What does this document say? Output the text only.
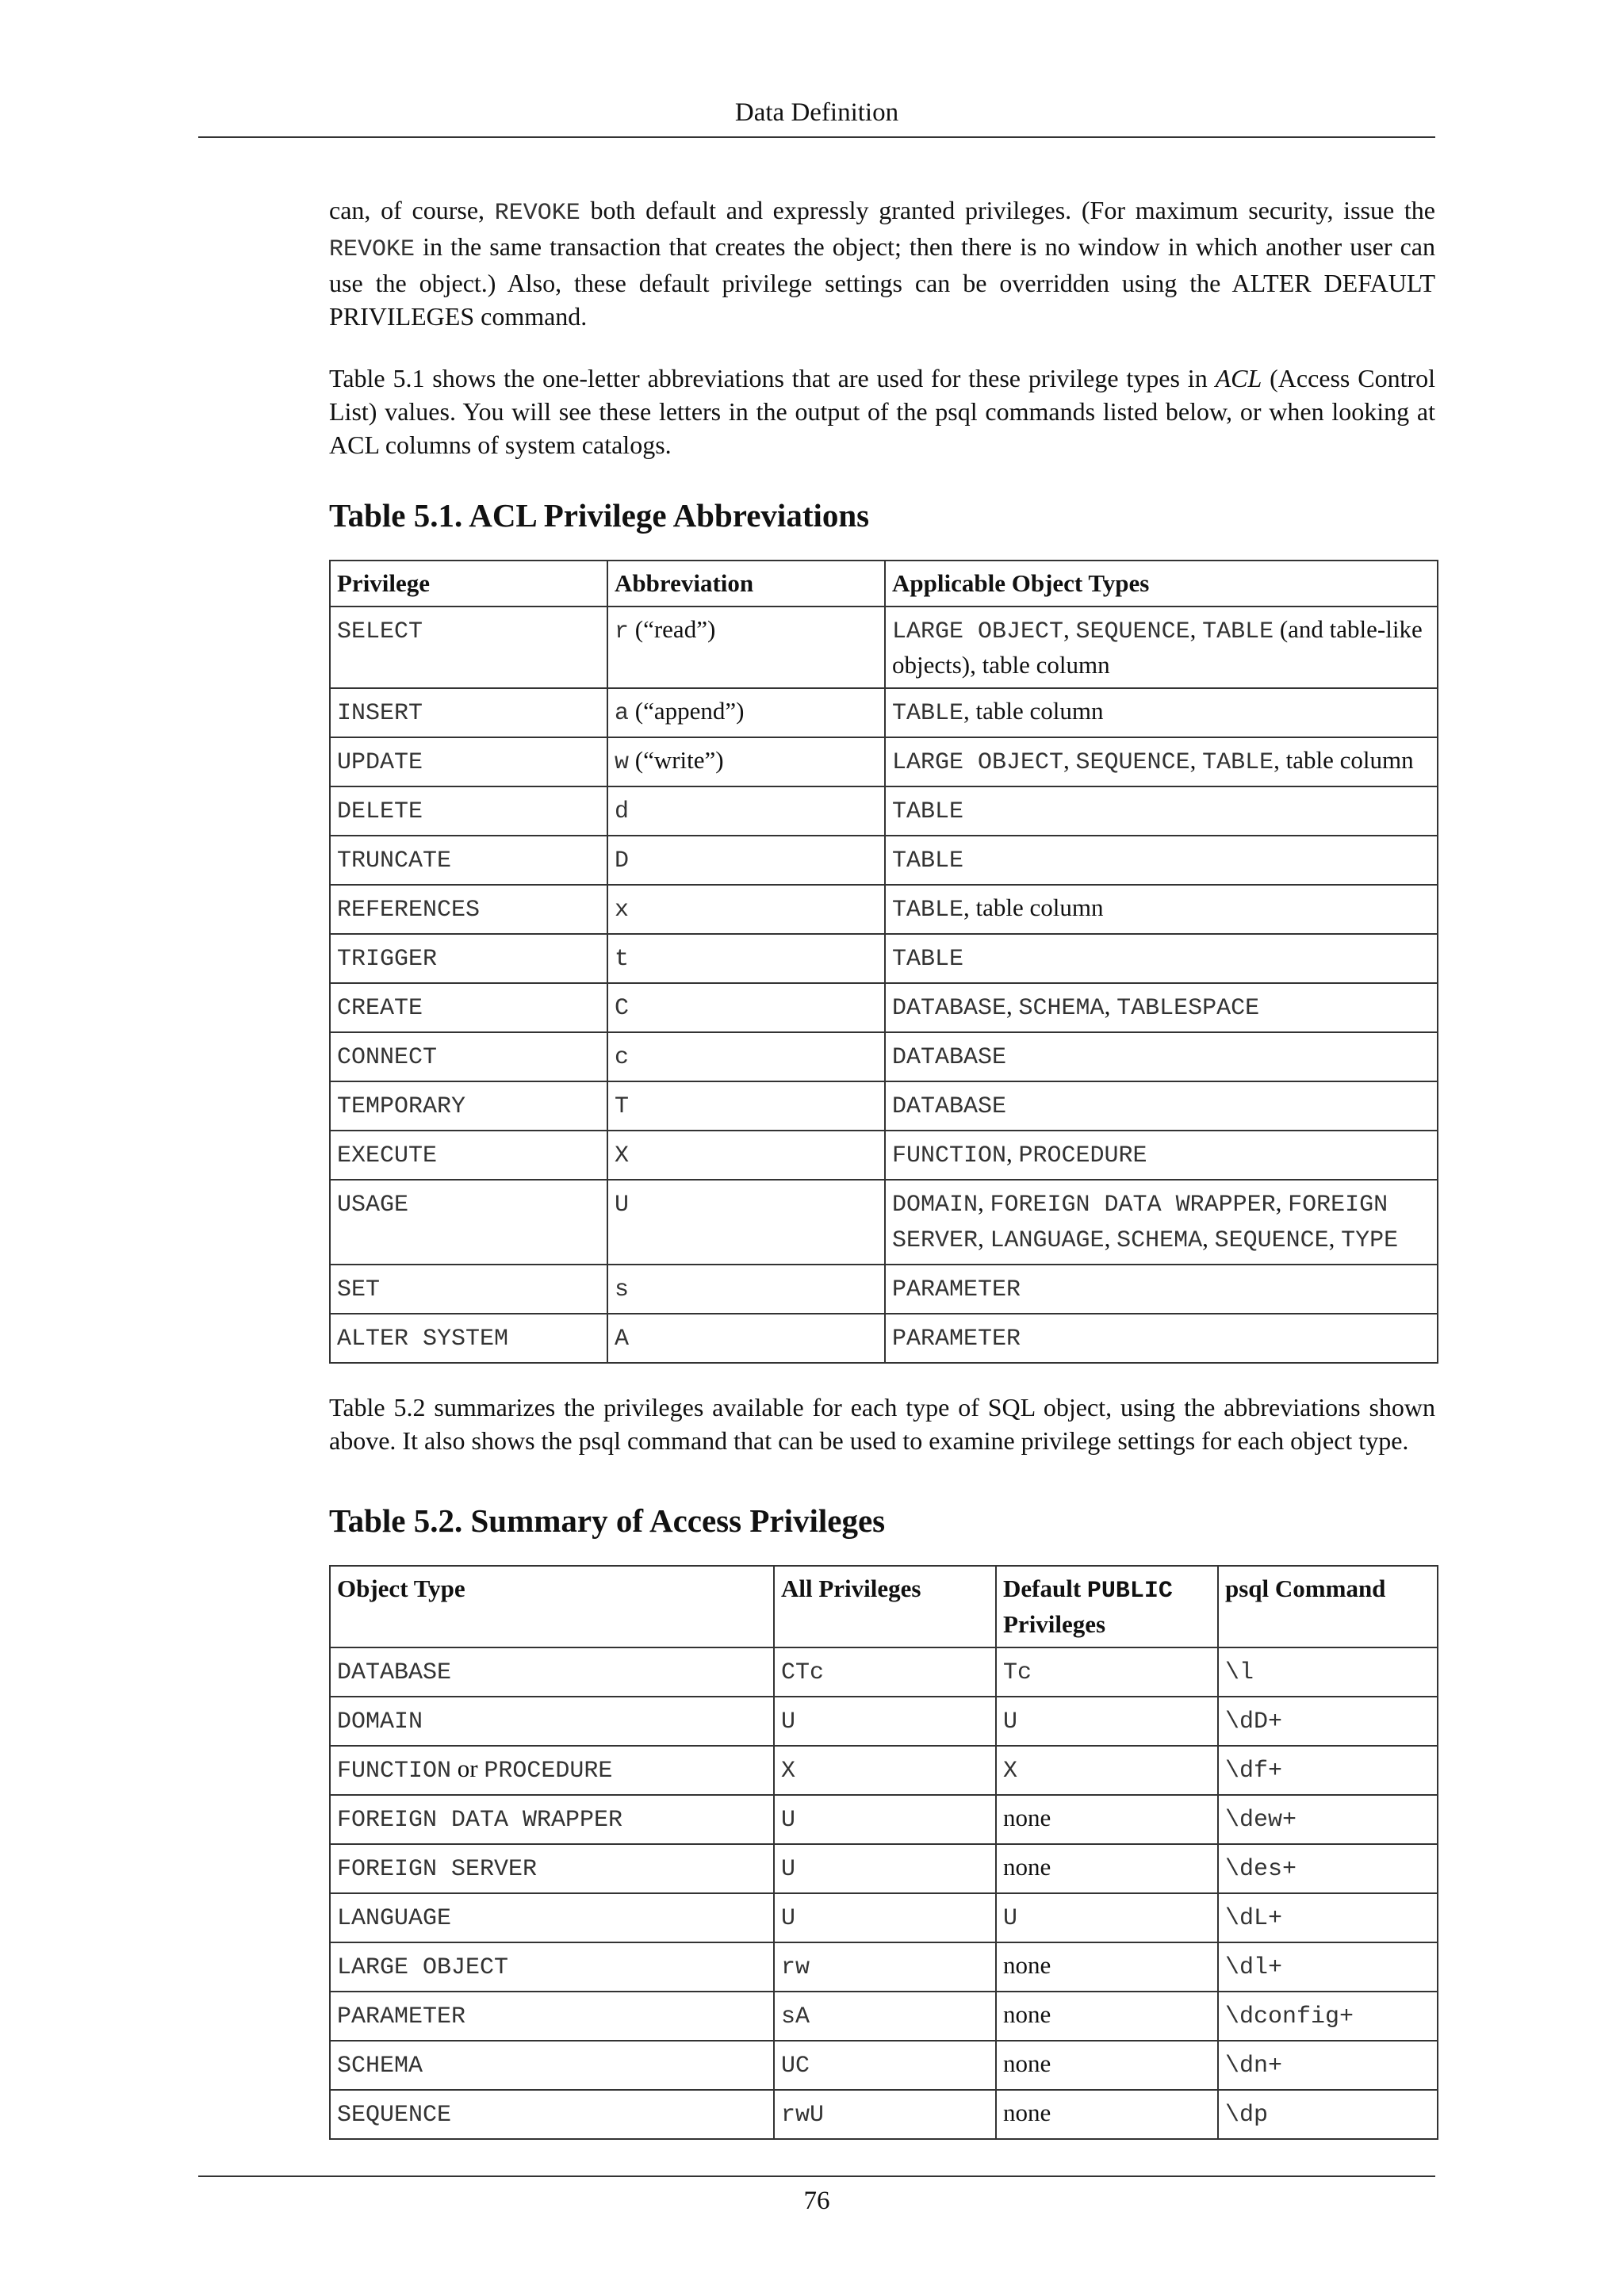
Data Definition

can, of course, REVOKE both default and expressly granted privileges. (For maximum security, issue the REVOKE in the same transaction that creates the object; then there is no window in which another user can use the object.) Also, these default privilege settings can be overridden using the ALTER DEFAULT PRIVILEGES command.

Table 5.1 shows the one-letter abbreviations that are used for these privilege types in ACL (Access Control List) values. You will see these letters in the output of the psql commands listed below, or when looking at ACL columns of system catalogs.

Table 5.1. ACL Privilege Abbreviations
Privilege	Abbreviation	Applicable Object Types
SELECT	r (“read”)	LARGE OBJECT, SEQUENCE, TABLE (and table-like objects), table column
INSERT	a (“append”)	TABLE, table column
UPDATE	w (“write”)	LARGE OBJECT, SEQUENCE, TABLE, table column
DELETE	d	TABLE
TRUNCATE	D	TABLE
REFERENCES	x	TABLE, table column
TRIGGER	t	TABLE
CREATE	C	DATABASE, SCHEMA, TABLESPACE
CONNECT	c	DATABASE
TEMPORARY	T	DATABASE
EXECUTE	X	FUNCTION, PROCEDURE
USAGE	U	DOMAIN, FOREIGN DATA WRAPPER, FOREIGN SERVER, LANGUAGE, SCHEMA, SEQUENCE, TYPE
SET	s	PARAMETER
ALTER SYSTEM	A	PARAMETER

Table 5.2 summarizes the privileges available for each type of SQL object, using the abbreviations shown above. It also shows the psql command that can be used to examine privilege settings for each object type.

Table 5.2. Summary of Access Privileges
Object Type	All Privileges	Default PUBLIC Privileges	psql Command
DATABASE	CTc	Tc	\l
DOMAIN	U	U	\dD+
FUNCTION or PROCEDURE	X	X	\df+
FOREIGN DATA WRAPPER	U	none	\dew+
FOREIGN SERVER	U	none	\des+
LANGUAGE	U	U	\dL+
LARGE OBJECT	rw	none	\dl+
PARAMETER	sA	none	\dconfig+
SCHEMA	UC	none	\dn+
SEQUENCE	rwU	none	\dp
76
